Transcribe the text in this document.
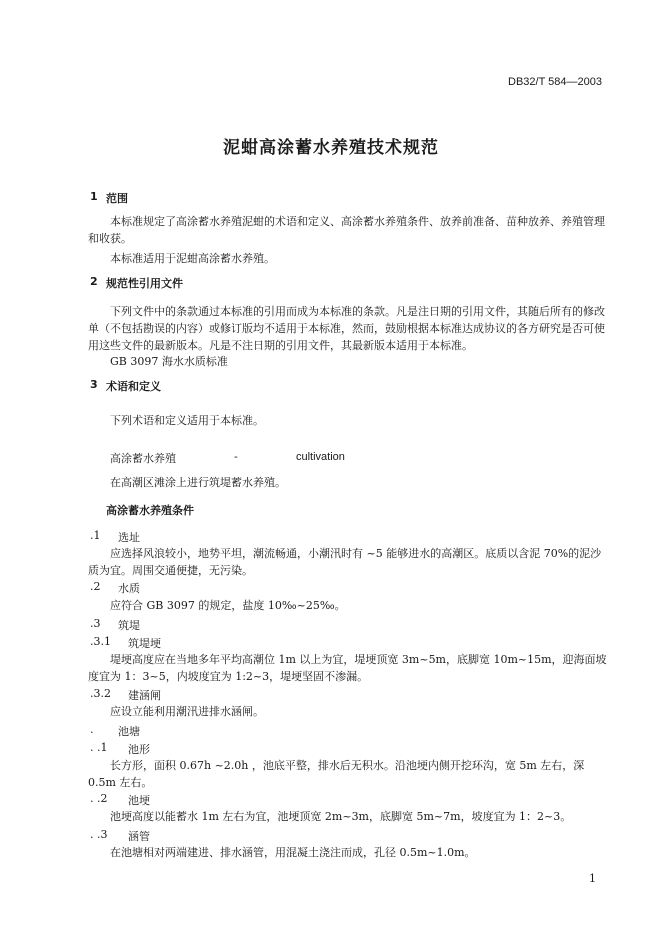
DB32/T 584—2003
泥蚶高涂蓄水养殖技术规范
1 范围
本标准规定了高涂蓄水养殖泥蚶的术语和定义、高涂蓄水养殖条件、放养前准备、苗种放养、养殖管理和收获。
本标准适用于泥蚶高涂蓄水养殖。
2 规范性引用文件
下列文件中的条款通过本标准的引用而成为本标准的条款。凡是注日期的引用文件，其随后所有的修改单（不包括勘误的内容）或修订版均不适用于本标准，然而，鼓励根据本标准达成协议的各方研究是否可使用这些文件的最新版本。凡是不注日期的引用文件，其最新版本适用于本标准。
GB 3097 海水水质标准
3 术语和定义
下列术语和定义适用于本标准。
高涂蓄水养殖	-	cultivation
在高潮区滩涂上进行筑堤蓄水养殖。
高涂蓄水养殖条件
.1 选址
应选择风浪较小，地势平坦，潮流畅通，小潮汛时有 ~5 能够进水的高潮区。底质以含泥 70%的泥沙质为宜。周围交通便捷，无污染。
.2 水质
应符合 GB 3097 的规定，盐度 10‰~25‰。
.3 筑堤
.3.1 筑堤埂
堤埂高度应在当地多年平均高潮位 1m 以上为宜，堤埂顶宽 3m~5m，底脚宽 10m~15m，迎海面坡度宜为 1：3~5，内坡度宜为 1:2~3，堤埂坚固不渗漏。
.3.2 建涵闸
应设立能利用潮汛进排水涵闸。
. 池塘
. .1 池形
长方形，面积 0.67h ~2.0h ，池底平整，排水后无积水。沿池埂内侧开挖环沟，宽 5m 左右，深 0.5m 左右。
. .2 池埂
池埂高度以能蓄水 1m 左右为宜，池埂顶宽 2m~3m，底脚宽 5m~7m，坡度宜为 1：2~3。
. .3 涵管
在池塘相对两端建进、排水涵管，用混凝土浇注而成，孔径 0.5m~1.0m。
1
